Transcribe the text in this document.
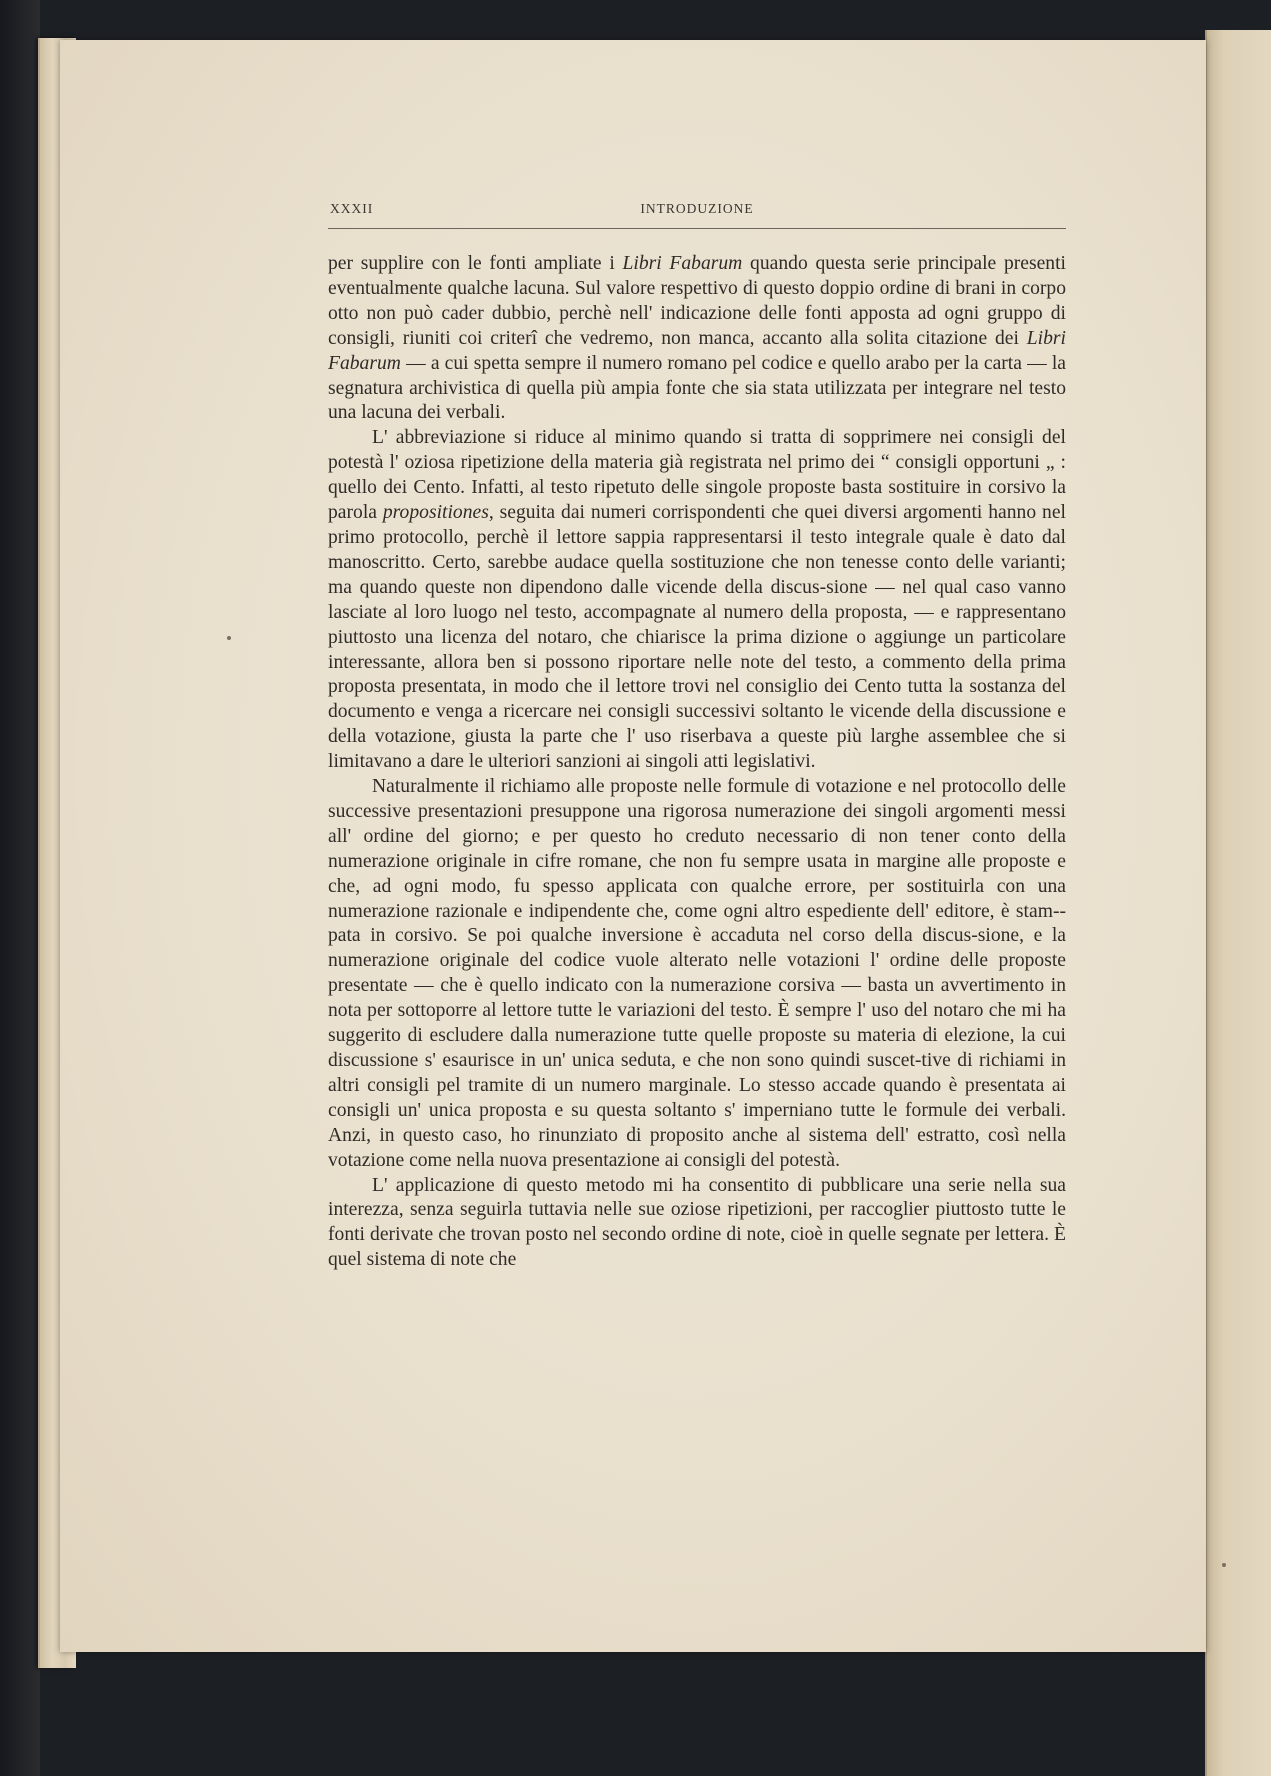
XXXII	INTRODUZIONE

per supplire con le fonti ampliate i Libri Fabarum quando questa serie principale presenti eventualmente qualche lacuna. Sul valore respettivo di questo doppio ordine di brani in corpo otto non può cader dubbio, perchè nell' indicazione delle fonti apposta ad ogni gruppo di consigli, riuniti coi criterî che vedremo, non manca, accanto alla solita citazione dei Libri Fabarum — a cui spetta sempre il numero romano pel codice e quello arabo per la carta — la segnatura archivistica di quella più ampia fonte che sia stata utilizzata per integrare nel testo una lacuna dei verbali.

L' abbreviazione si riduce al minimo quando si tratta di sopprimere nei consigli del potestà l' oziosa ripetizione della materia già registrata nel primo dei “ consigli opportuni „ : quello dei Cento. Infatti, al testo ripetuto delle singole proposte basta sostituire in corsivo la parola propositiones, seguita dai numeri corrispondenti che quei diversi argomenti hanno nel primo protocollo, perchè il lettore sappia rappresentarsi il testo integrale quale è dato dal manoscritto. Certo, sarebbe audace quella sostituzione che non tenesse conto delle varianti; ma quando queste non dipendono dalle vicende della discus-sione — nel qual caso vanno lasciate al loro luogo nel testo, accompagnate al numero della proposta, — e rappresentano piuttosto una licenza del notaro, che chiarisce la prima dizione o aggiunge un particolare interessante, allora ben si possono riportare nelle note del testo, a commento della prima proposta presentata, in modo che il lettore trovi nel consiglio dei Cento tutta la sostanza del documento e venga a ricercare nei consigli successivi soltanto le vicende della discussione e della votazione, giusta la parte che l' uso riserbava a queste più larghe assemblee che si limitavano a dare le ulteriori sanzioni ai singoli atti legislativi.

Naturalmente il richiamo alle proposte nelle formule di votazione e nel protocollo delle successive presentazioni presuppone una rigorosa numerazione dei singoli argomenti messi all' ordine del giorno; e per questo ho creduto necessario di non tener conto della numerazione originale in cifre romane, che non fu sempre usata in margine alle proposte e che, ad ogni modo, fu spesso applicata con qualche errore, per sostituirla con una numerazione razionale e indipendente che, come ogni altro espediente dell' editore, è stam-pata in corsivo. Se poi qualche inversione è accaduta nel corso della discus-sione, e la numerazione originale del codice vuole alterato nelle votazioni l' ordine delle proposte presentate — che è quello indicato con la numerazione corsiva — basta un avvertimento in nota per sottoporre al lettore tutte le variazioni del testo. È sempre l' uso del notaro che mi ha suggerito di escludere dalla numerazione tutte quelle proposte su materia di elezione, la cui discussione s' esaurisce in un' unica seduta, e che non sono quindi suscet-tive di richiami in altri consigli pel tramite di un numero marginale. Lo stesso accade quando è presentata ai consigli un' unica proposta e su questa soltanto s' imperniano tutte le formule dei verbali. Anzi, in questo caso, ho rinunziato di proposito anche al sistema dell' estratto, così nella votazione come nella nuova presentazione ai consigli del potestà.

L' applicazione di questo metodo mi ha consentito di pubblicare una serie nella sua interezza, senza seguirla tuttavia nelle sue oziose ripetizioni, per raccoglier piuttosto tutte le fonti derivate che trovan posto nel secondo ordine di note, cioè in quelle segnate per lettera. È quel sistema di note che
